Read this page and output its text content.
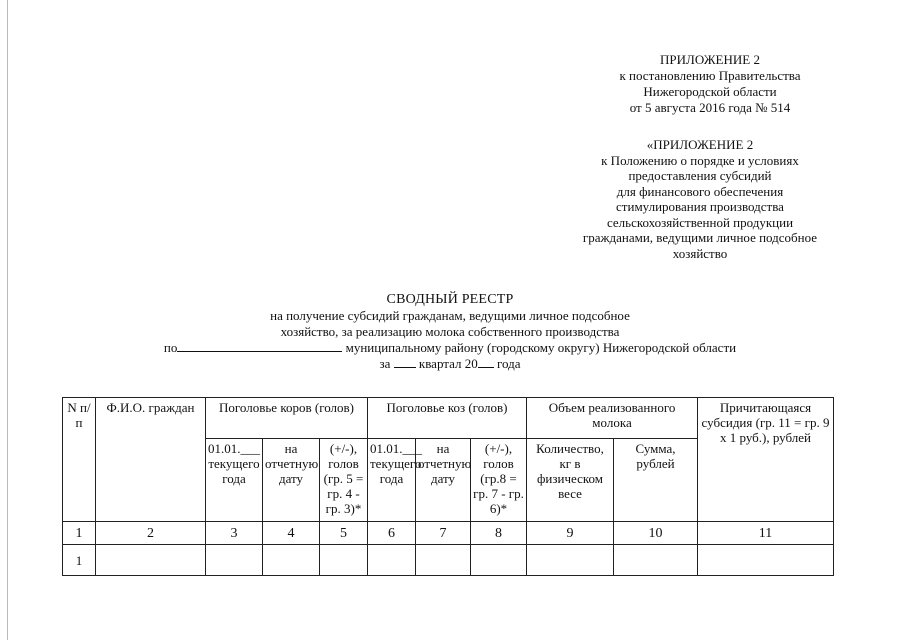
ПРИЛОЖЕНИЕ 2
к постановлению Правительства
Нижегородской области
от 5 августа 2016 года № 514
«ПРИЛОЖЕНИЕ 2
к Положению о порядке и условиях
предоставления субсидий
для финансового обеспечения
стимулирования производства
сельскохозяйственной продукции
гражданами, ведущими личное подсобное
хозяйство
СВОДНЫЙ РЕЕСТР
на получение субсидий гражданам, ведущими личное подсобное
хозяйство, за реализацию молока собственного производства
по	муниципальному району (городскому округу) Нижегородской области
за квартал 20 года
N п/п	Ф.И.О. граждан	Поголовье коров (голов)			Поголовье коз (голов)			Объем реализованного молока		Причитающаяся субсидия (гр. 11 = гр. 9 х 1 руб.), рублей
		01.01.___ текущего года	на отчетную дату	(+/-), голов (гр. 5 = гр. 4 - гр. 3)*	01.01.___ текущего года	на отчетную дату	(+/-), голов (гр.8 = гр. 7 - гр. 6)*	Количество, кг в физическом весе	Сумма, рублей	
1	2	3	4	5	6	7	8	9	10	11
1										
